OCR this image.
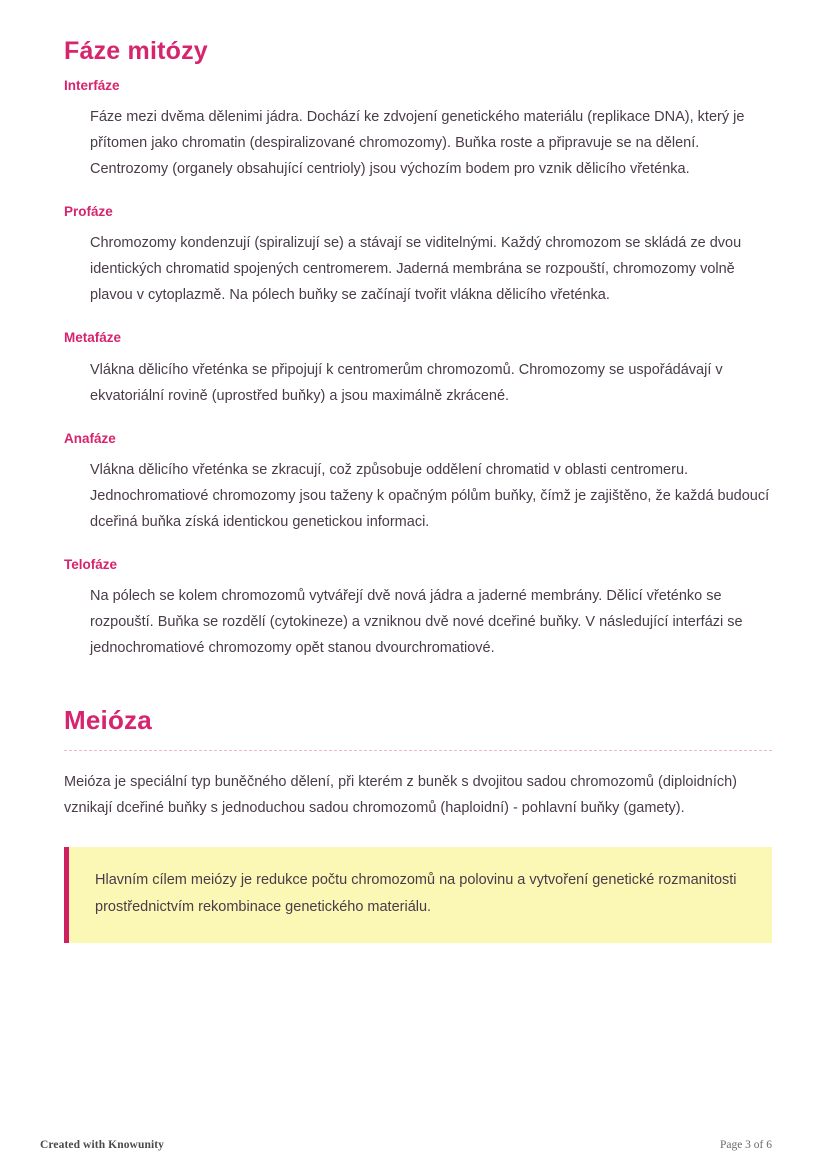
Fáze mitózy
Interfáze

Fáze mezi dvěma dělenimi jádra. Dochází ke zdvojení genetického materiálu (replikace DNA), který je přítomen jako chromatin (despiralizované chromozomy). Buňka roste a připravuje se na dělení. Centrozomy (organely obsahující centrioly) jsou výchozím bodem pro vznik dělicího vřeténka.

Profáze

Chromozomy kondenzují (spiralizují se) a stávají se viditelnými. Každý chromozom se skládá ze dvou identických chromatid spojených centromerem. Jaderná membrána se rozpouští, chromozomy volně plavou v cytoplazmě. Na pólech buňky se začínají tvořit vlákna dělicího vřeténka.

Metafáze

Vlákna dělicího vřeténka se připojují k centromerům chromozomů. Chromozomy se uspořádávají v ekvatoriální rovině (uprostřed buňky) a jsou maximálně zkrácené.

Anafáze

Vlákna dělicího vřeténka se zkracují, což způsobuje oddělení chromatid v oblasti centromeru. Jednochromatiové chromozomy jsou taženy k opačným pólům buňky, čímž je zajištěno, že každá budoucí dceřiná buňka získá identickou genetickou informaci.

Telofáze

Na pólech se kolem chromozomů vytvářejí dvě nová jádra a jaderné membrány. Dělicí vřeténko se rozpouští. Buňka se rozdělí (cytokineze) a vzniknou dvě nové dceřiné buňky. V následující interfázi se jednochromatiové chromozomy opět stanou dvourchromatiové.

Meióza

Meióza je speciální typ buněčného dělení, při kterém z buněk s dvojitou sadou chromozomů (diploidních) vznikají dceřiné buňky s jednoduchou sadou chromozomů (haploidní) - pohlavní buňky (gamety).

Hlavním cílem meiózy je redukce počtu chromozomů na polovinu a vytvoření genetické rozmanitosti prostřednictvím rekombinace genetického materiálu.

Created with Knowunity	Page 3 of 6
